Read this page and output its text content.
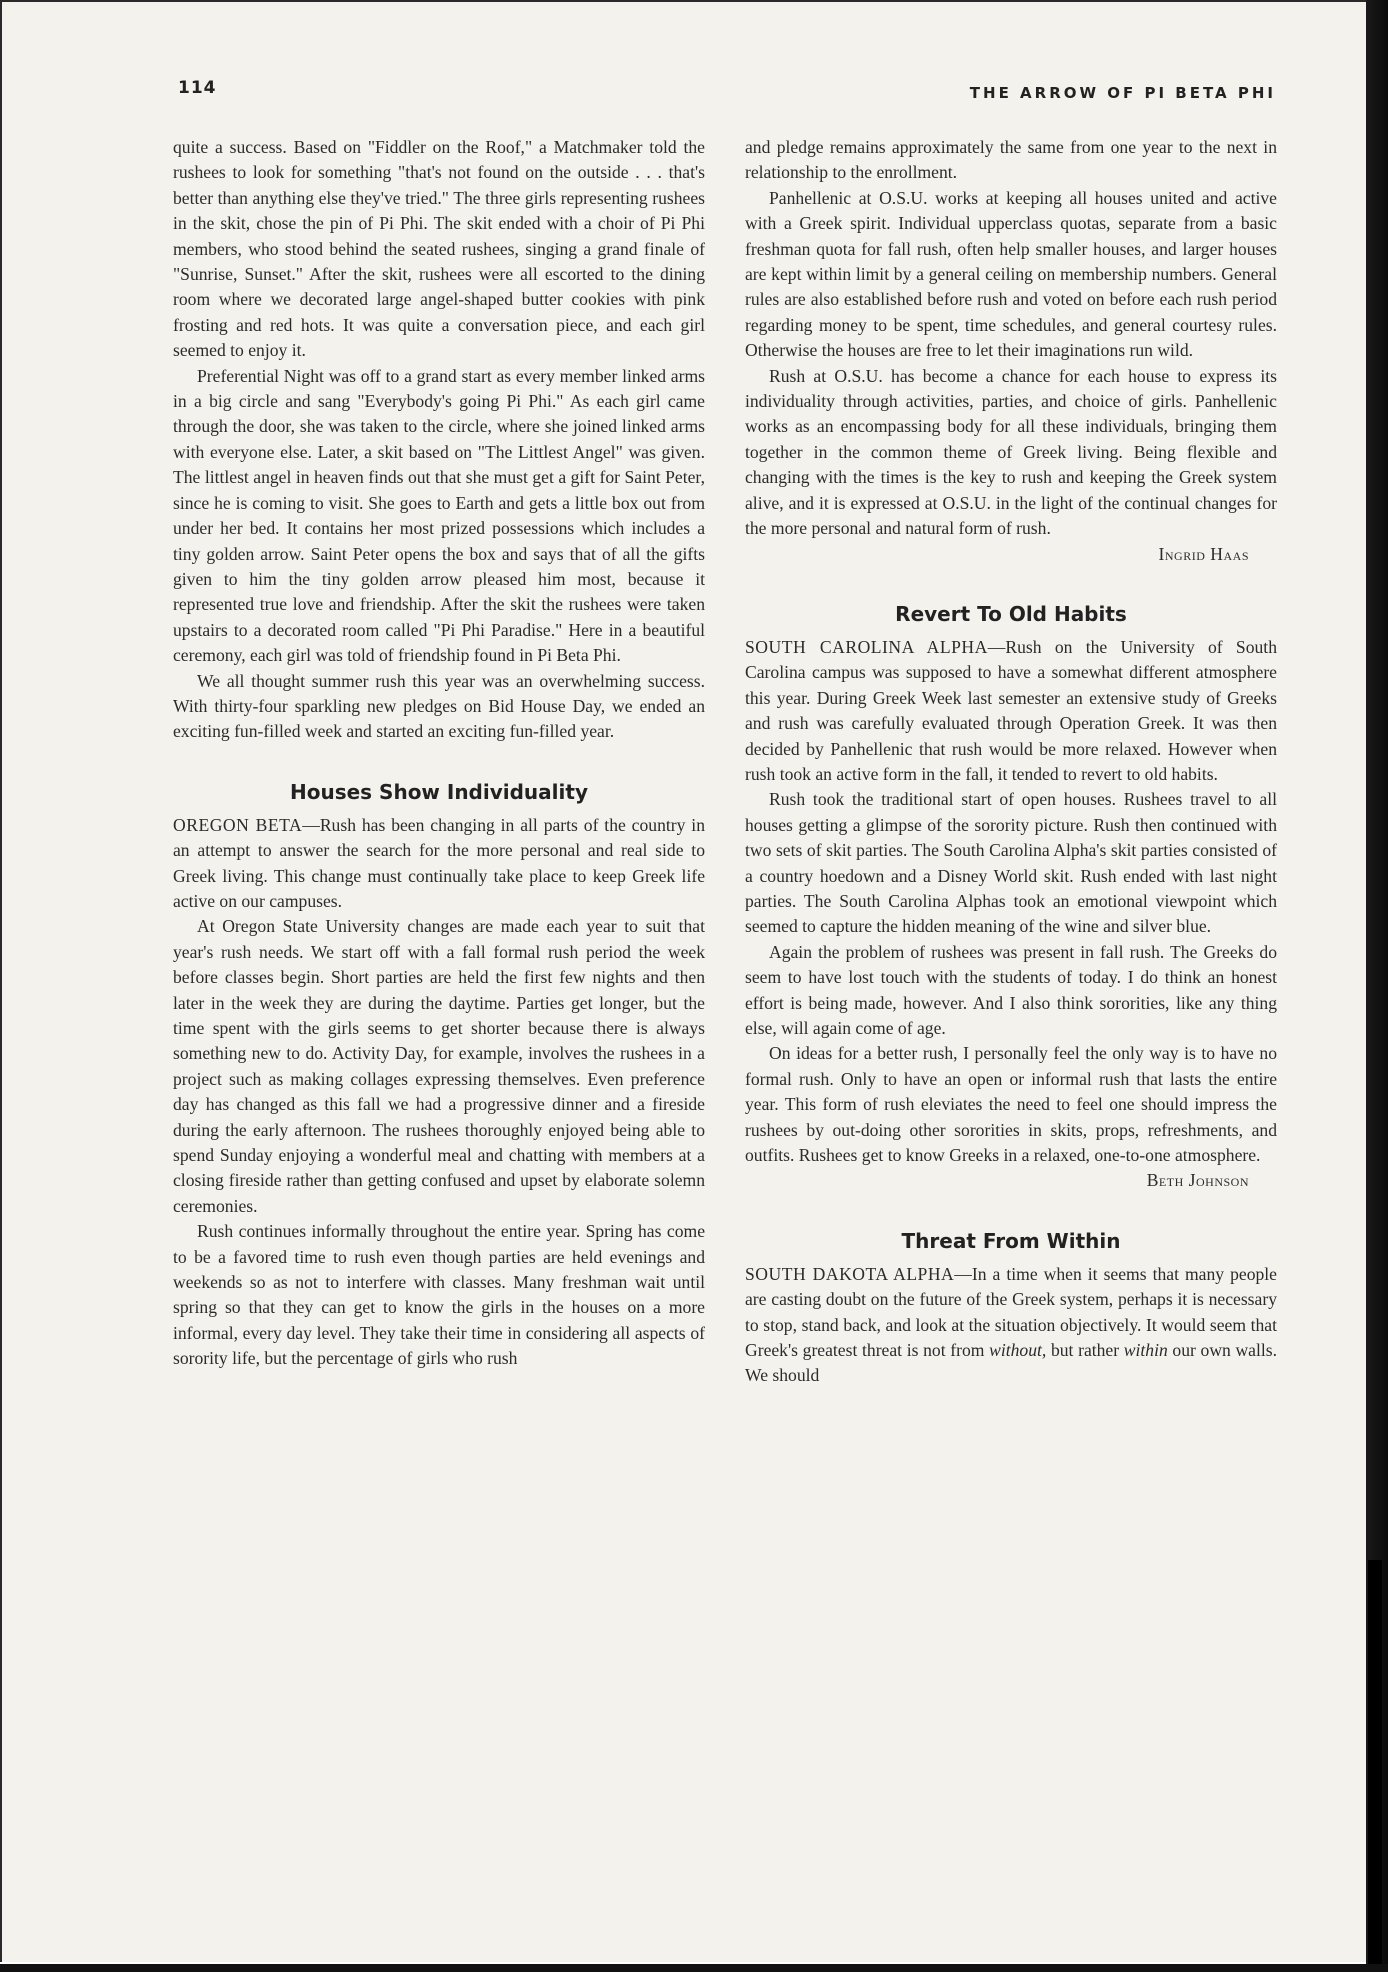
114	THE ARROW OF PI BETA PHI

quite a success. Based on "Fiddler on the Roof," a Matchmaker told the rushees to look for something "that's not found on the outside . . . that's better than anything else they've tried." The three girls representing rushees in the skit, chose the pin of Pi Phi. The skit ended with a choir of Pi Phi members, who stood behind the seated rushees, singing a grand finale of "Sunrise, Sunset." After the skit, rushees were all escorted to the dining room where we decorated large angel-shaped butter cookies with pink frosting and red hots. It was quite a conversation piece, and each girl seemed to enjoy it.

Preferential Night was off to a grand start as every member linked arms in a big circle and sang "Everybody's going Pi Phi." As each girl came through the door, she was taken to the circle, where she joined linked arms with everyone else. Later, a skit based on "The Littlest Angel" was given. The littlest angel in heaven finds out that she must get a gift for Saint Peter, since he is coming to visit. She goes to Earth and gets a little box out from under her bed. It contains her most prized possessions which includes a tiny golden arrow. Saint Peter opens the box and says that of all the gifts given to him the tiny golden arrow pleased him most, because it represented true love and friendship. After the skit the rushees were taken upstairs to a decorated room called "Pi Phi Paradise." Here in a beautiful ceremony, each girl was told of friendship found in Pi Beta Phi.

We all thought summer rush this year was an overwhelming success. With thirty-four sparkling new pledges on Bid House Day, we ended an exciting fun-filled week and started an exciting fun-filled year.

Houses Show Individuality

OREGON BETA—Rush has been changing in all parts of the country in an attempt to answer the search for the more personal and real side to Greek living. This change must continually take place to keep Greek life active on our campuses.

At Oregon State University changes are made each year to suit that year's rush needs. We start off with a fall formal rush period the week before classes begin. Short parties are held the first few nights and then later in the week they are during the daytime. Parties get longer, but the time spent with the girls seems to get shorter because there is always something new to do. Activity Day, for example, involves the rushees in a project such as making collages expressing themselves. Even preference day has changed as this fall we had a progressive dinner and a fireside during the early afternoon. The rushees thoroughly enjoyed being able to spend Sunday enjoying a wonderful meal and chatting with members at a closing fireside rather than getting confused and upset by elaborate solemn ceremonies.

Rush continues informally throughout the entire year. Spring has come to be a favored time to rush even though parties are held evenings and weekends so as not to interfere with classes. Many freshman wait until spring so that they can get to know the girls in the houses on a more informal, every day level. They take their time in considering all aspects of sorority life, but the percentage of girls who rush

and pledge remains approximately the same from one year to the next in relationship to the enrollment.

Panhellenic at O.S.U. works at keeping all houses united and active with a Greek spirit. Individual upperclass quotas, separate from a basic freshman quota for fall rush, often help smaller houses, and larger houses are kept within limit by a general ceiling on membership numbers. General rules are also established before rush and voted on before each rush period regarding money to be spent, time schedules, and general courtesy rules. Otherwise the houses are free to let their imaginations run wild.

Rush at O.S.U. has become a chance for each house to express its individuality through activities, parties, and choice of girls. Panhellenic works as an encompassing body for all these individuals, bringing them together in the common theme of Greek living. Being flexible and changing with the times is the key to rush and keeping the Greek system alive, and it is expressed at O.S.U. in the light of the continual changes for the more personal and natural form of rush.

Ingrid Haas

Revert To Old Habits

SOUTH CAROLINA ALPHA—Rush on the University of South Carolina campus was supposed to have a somewhat different atmosphere this year. During Greek Week last semester an extensive study of Greeks and rush was carefully evaluated through Operation Greek. It was then decided by Panhellenic that rush would be more relaxed. However when rush took an active form in the fall, it tended to revert to old habits.

Rush took the traditional start of open houses. Rushees travel to all houses getting a glimpse of the sorority picture. Rush then continued with two sets of skit parties. The South Carolina Alpha's skit parties consisted of a country hoedown and a Disney World skit. Rush ended with last night parties. The South Carolina Alphas took an emotional viewpoint which seemed to capture the hidden meaning of the wine and silver blue.

Again the problem of rushees was present in fall rush. The Greeks do seem to have lost touch with the students of today. I do think an honest effort is being made, however. And I also think sororities, like any thing else, will again come of age.

On ideas for a better rush, I personally feel the only way is to have no formal rush. Only to have an open or informal rush that lasts the entire year. This form of rush eleviates the need to feel one should impress the rushees by out-doing other sororities in skits, props, refreshments, and outfits. Rushees get to know Greeks in a relaxed, one-to-one atmosphere.

Beth Johnson

Threat From Within

SOUTH DAKOTA ALPHA—In a time when it seems that many people are casting doubt on the future of the Greek system, perhaps it is necessary to stop, stand back, and look at the situation objectively. It would seem that Greek's greatest threat is not from without, but rather within our own walls. We should
